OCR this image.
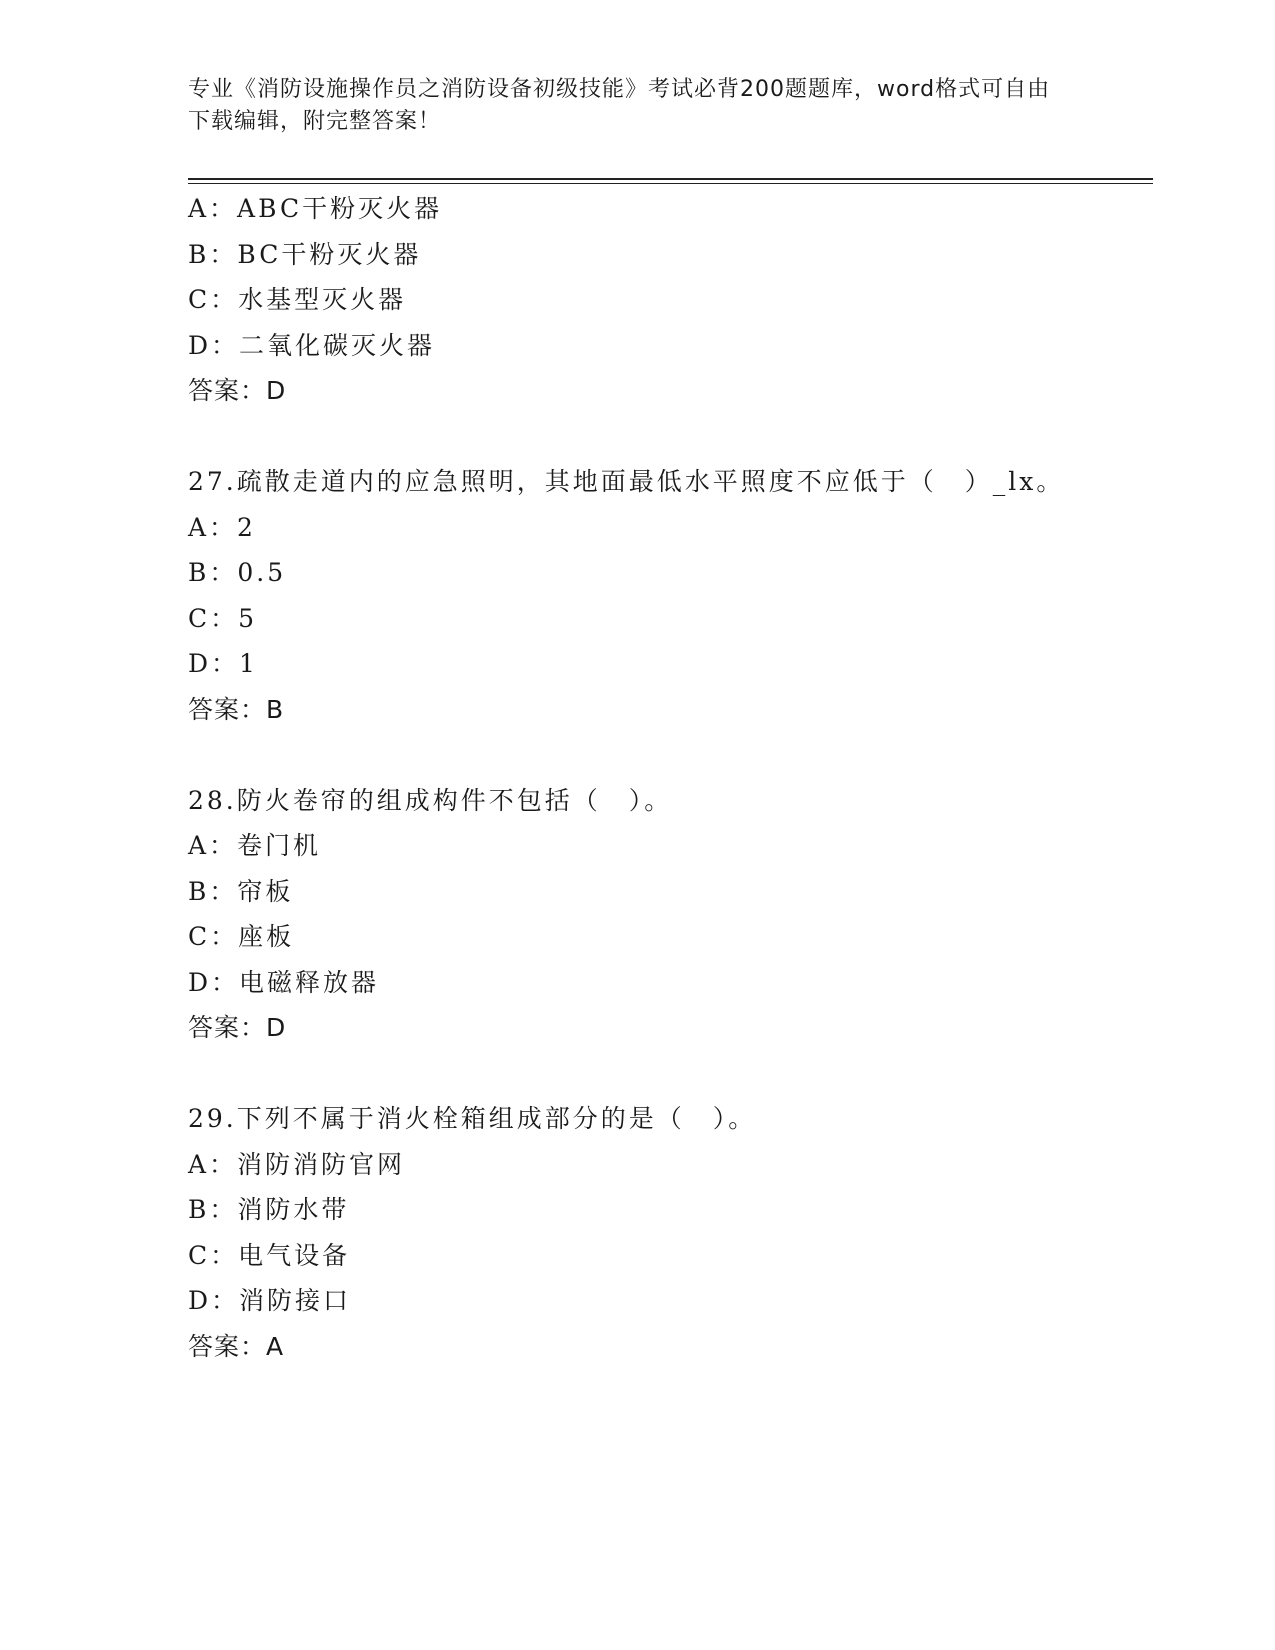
专业《消防设施操作员之消防设备初级技能》考试必背200题题库，word格式可自由下载编辑，附完整答案！
A：ABC干粉灭火器
B：BC干粉灭火器
C：水基型灭火器
D：二氧化碳灭火器
答案：D
27.疏散走道内的应急照明，其地面最低水平照度不应低于（　）_lx。
A：2
B：0.5
C：5
D：1
答案：B
28.防火卷帘的组成构件不包括（　）。
A：卷门机
B：帘板
C：座板
D：电磁释放器
答案：D
29.下列不属于消火栓箱组成部分的是（　）。
A：消防消防官网
B：消防水带
C：电气设备
D：消防接口
答案：A
